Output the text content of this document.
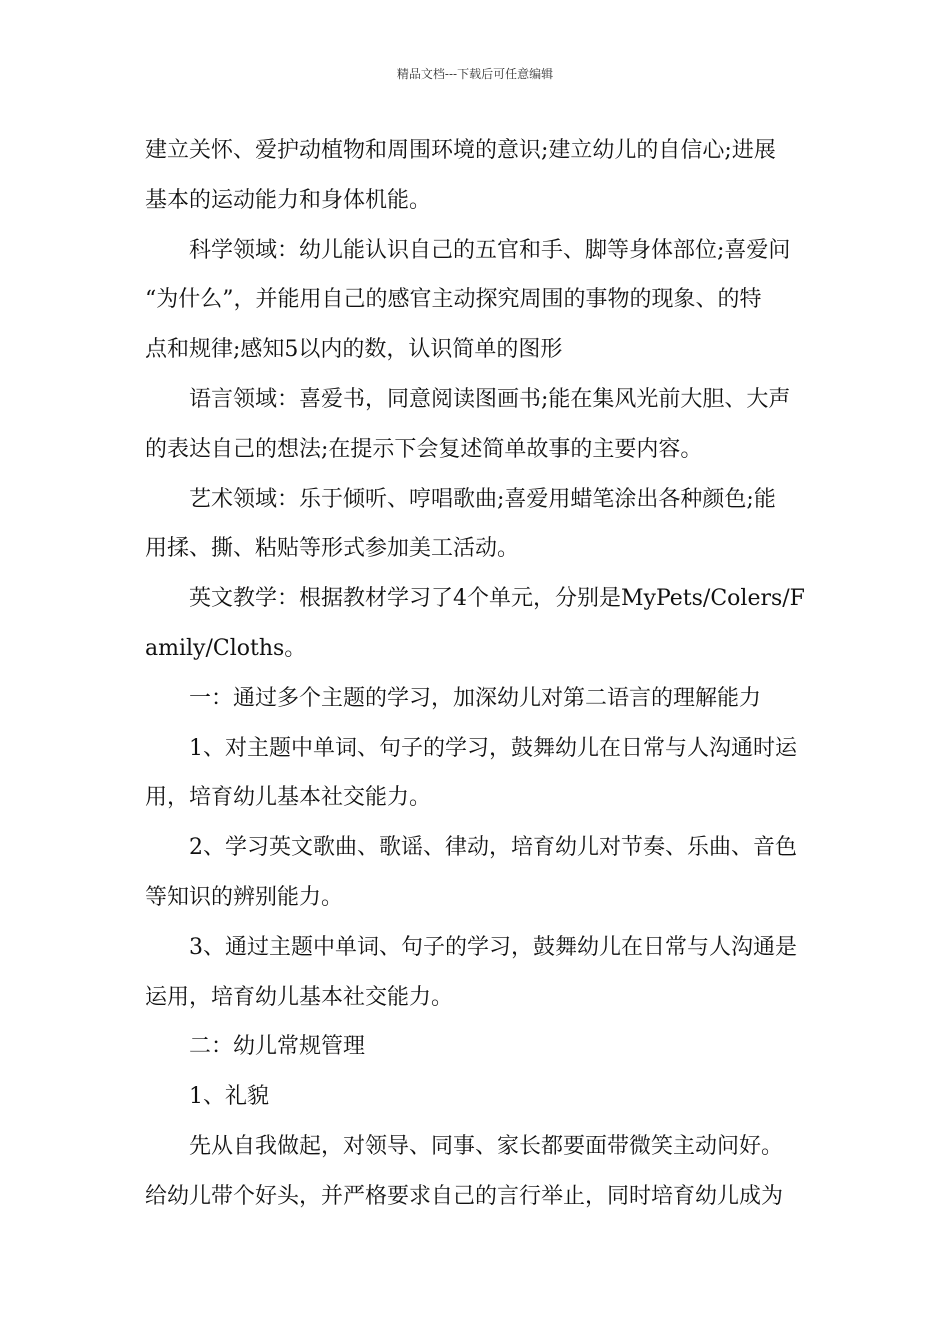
精品文档---下载后可任意编辑

建立关怀、爱护动植物和周围环境的意识;建立幼儿的自信心;进展

基本的运动能力和身体机能。

科学领域：幼儿能认识自己的五官和手、脚等身体部位;喜爱问

“为什么”，并能用自己的感官主动探究周围的事物的现象、的特

点和规律;感知5以内的数，认识简单的图形

语言领域：喜爱书，同意阅读图画书;能在集风光前大胆、大声

的表达自己的想法;在提示下会复述简单故事的主要内容。

艺术领域：乐于倾听、哼唱歌曲;喜爱用蜡笔涂出各种颜色;能

用揉、撕、粘贴等形式参加美工活动。

英文教学：根据教材学习了4个单元，分别是MyPets/Colers/F

amily/Cloths。

一：通过多个主题的学习，加深幼儿对第二语言的理解能力

1、对主题中单词、句子的学习，鼓舞幼儿在日常与人沟通时运

用，培育幼儿基本社交能力。

2、学习英文歌曲、歌谣、律动，培育幼儿对节奏、乐曲、音色

等知识的辨别能力。

3、通过主题中单词、句子的学习，鼓舞幼儿在日常与人沟通是

运用，培育幼儿基本社交能力。

二：幼儿常规管理

1、礼貌

先从自我做起，对领导、同事、家长都要面带微笑主动问好。

给幼儿带个好头，并严格要求自己的言行举止，同时培育幼儿成为
